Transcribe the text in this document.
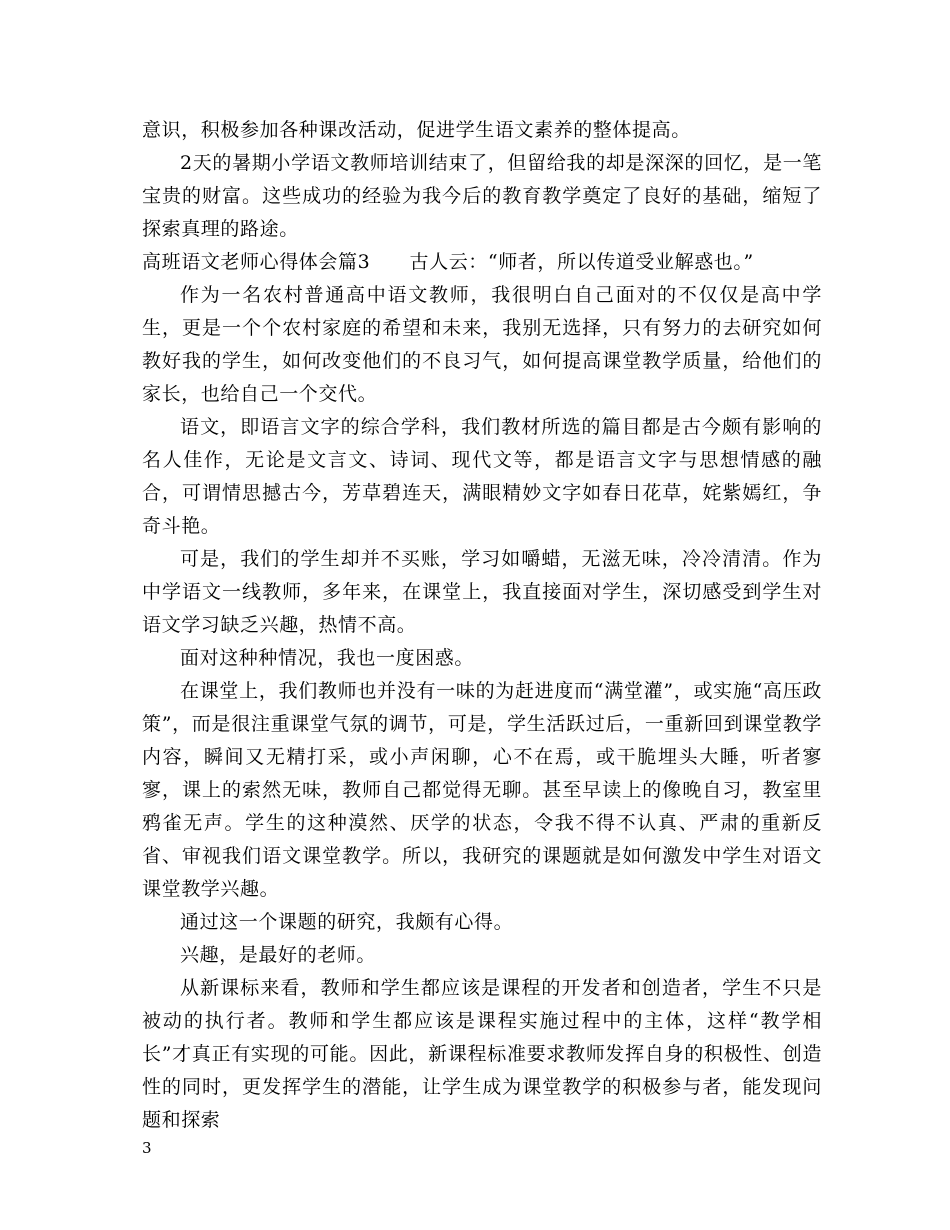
意识，积极参加各种课改活动，促进学生语文素养的整体提高。

2天的暑期小学语文教师培训结束了，但留给我的却是深深的回忆，是一笔宝贵的财富。这些成功的经验为我今后的教育教学奠定了良好的基础，缩短了探索真理的路途。

高班语文老师心得体会篇3　　古人云：“师者，所以传道受业解惑也。”

作为一名农村普通高中语文教师，我很明白自己面对的不仅仅是高中学生，更是一个个农村家庭的希望和未来，我别无选择，只有努力的去研究如何教好我的学生，如何改变他们的不良习气，如何提高课堂教学质量，给他们的家长，也给自己一个交代。

语文，即语言文字的综合学科，我们教材所选的篇目都是古今颇有影响的名人佳作，无论是文言文、诗词、现代文等，都是语言文字与思想情感的融合，可谓情思撼古今，芳草碧连天，满眼精妙文字如春日花草，姹紫嫣红，争奇斗艳。

可是，我们的学生却并不买账，学习如嚼蜡，无滋无味，冷冷清清。作为中学语文一线教师，多年来，在课堂上，我直接面对学生，深切感受到学生对语文学习缺乏兴趣，热情不高。

面对这种种情况，我也一度困惑。

在课堂上，我们教师也并没有一味的为赶进度而“满堂灌”，或实施“高压政策”，而是很注重课堂气氛的调节，可是，学生活跃过后，一重新回到课堂教学内容，瞬间又无精打采，或小声闲聊，心不在焉，或干脆埋头大睡，听者寥寥，课上的索然无味，教师自己都觉得无聊。甚至早读上的像晚自习，教室里鸦雀无声。学生的这种漠然、厌学的状态，令我不得不认真、严肃的重新反省、审视我们语文课堂教学。所以，我研究的课题就是如何激发中学生对语文课堂教学兴趣。

通过这一个课题的研究，我颇有心得。

兴趣，是最好的老师。

从新课标来看，教师和学生都应该是课程的开发者和创造者，学生不只是被动的执行者。教师和学生都应该是课程实施过程中的主体，这样“教学相长”才真正有实现的可能。因此，新课程标准要求教师发挥自身的积极性、创造性的同时，更发挥学生的潜能，让学生成为课堂教学的积极参与者，能发现问题和探索

3
